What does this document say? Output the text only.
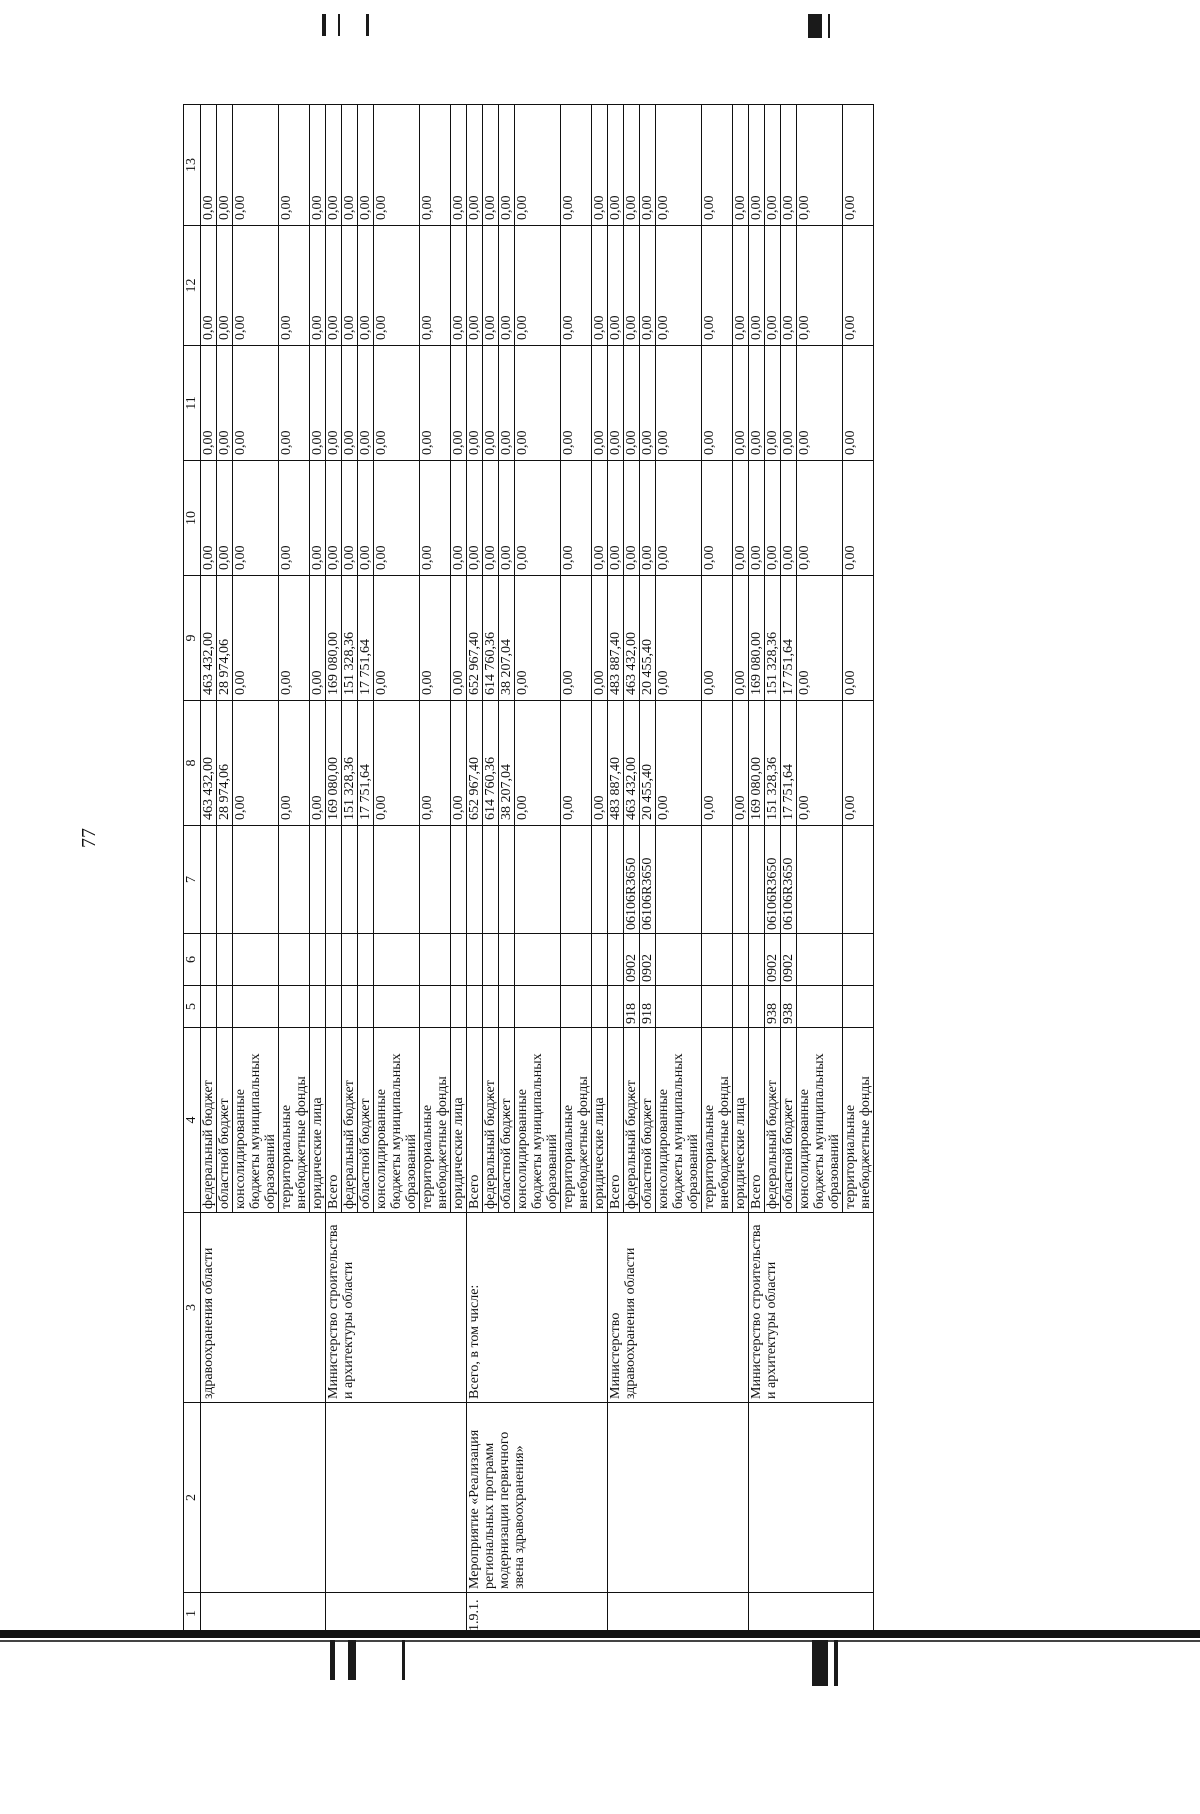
77
1	2	3	4	5	6	7	8	9	10	11	12	13
		здравоохранения области	федеральный бюджет				463 432,00	463 432,00	0,00	0,00	0,00	0,00
			областной бюджет				28 974,06	28 974,06	0,00	0,00	0,00	0,00
			консолидированные бюджеты муниципальных образований				0,00	0,00	0,00	0,00	0,00	0,00
			территориальные внебюджетные фонды				0,00	0,00	0,00	0,00	0,00	0,00
			юридические лица				0,00	0,00	0,00	0,00	0,00	0,00
		Министерство строительства и архитектуры области	Всего				169 080,00	169 080,00	0,00	0,00	0,00	0,00
			федеральный бюджет				151 328,36	151 328,36	0,00	0,00	0,00	0,00
			областной бюджет				17 751,64	17 751,64	0,00	0,00	0,00	0,00
			консолидированные бюджеты муниципальных образований				0,00	0,00	0,00	0,00	0,00	0,00
			территориальные внебюджетные фонды				0,00	0,00	0,00	0,00	0,00	0,00
			юридические лица				0,00	0,00	0,00	0,00	0,00	0,00
1.9.1.	Мероприятие «Реализация региональных программ модернизации первичного звена здравоохранения»	Всего, в том числе:	Всего				652 967,40	652 967,40	0,00	0,00	0,00	0,00
			федеральный бюджет				614 760,36	614 760,36	0,00	0,00	0,00	0,00
			областной бюджет				38 207,04	38 207,04	0,00	0,00	0,00	0,00
			консолидированные бюджеты муниципальных образований				0,00	0,00	0,00	0,00	0,00	0,00
			территориальные внебюджетные фонды				0,00	0,00	0,00	0,00	0,00	0,00
			юридические лица				0,00	0,00	0,00	0,00	0,00	0,00
		Министерство здравоохранения области	Всего				483 887,40	483 887,40	0,00	0,00	0,00	0,00
			федеральный бюджет	918	0902	06106R3650	463 432,00	463 432,00	0,00	0,00	0,00	0,00
			областной бюджет	918	0902	06106R3650	20 455,40	20 455,40	0,00	0,00	0,00	0,00
			консолидированные бюджеты муниципальных образований				0,00	0,00	0,00	0,00	0,00	0,00
			территориальные внебюджетные фонды				0,00	0,00	0,00	0,00	0,00	0,00
			юридические лица				0,00	0,00	0,00	0,00	0,00	0,00
		Министерство строительства и архитектуры области	Всего				169 080,00	169 080,00	0,00	0,00	0,00	0,00
			федеральный бюджет	938	0902	06106R3650	151 328,36	151 328,36	0,00	0,00	0,00	0,00
			областной бюджет	938	0902	06106R3650	17 751,64	17 751,64	0,00	0,00	0,00	0,00
			консолидированные бюджеты муниципальных образований				0,00	0,00	0,00	0,00	0,00	0,00
			территориальные внебюджетные фонды				0,00	0,00	0,00	0,00	0,00	0,00
